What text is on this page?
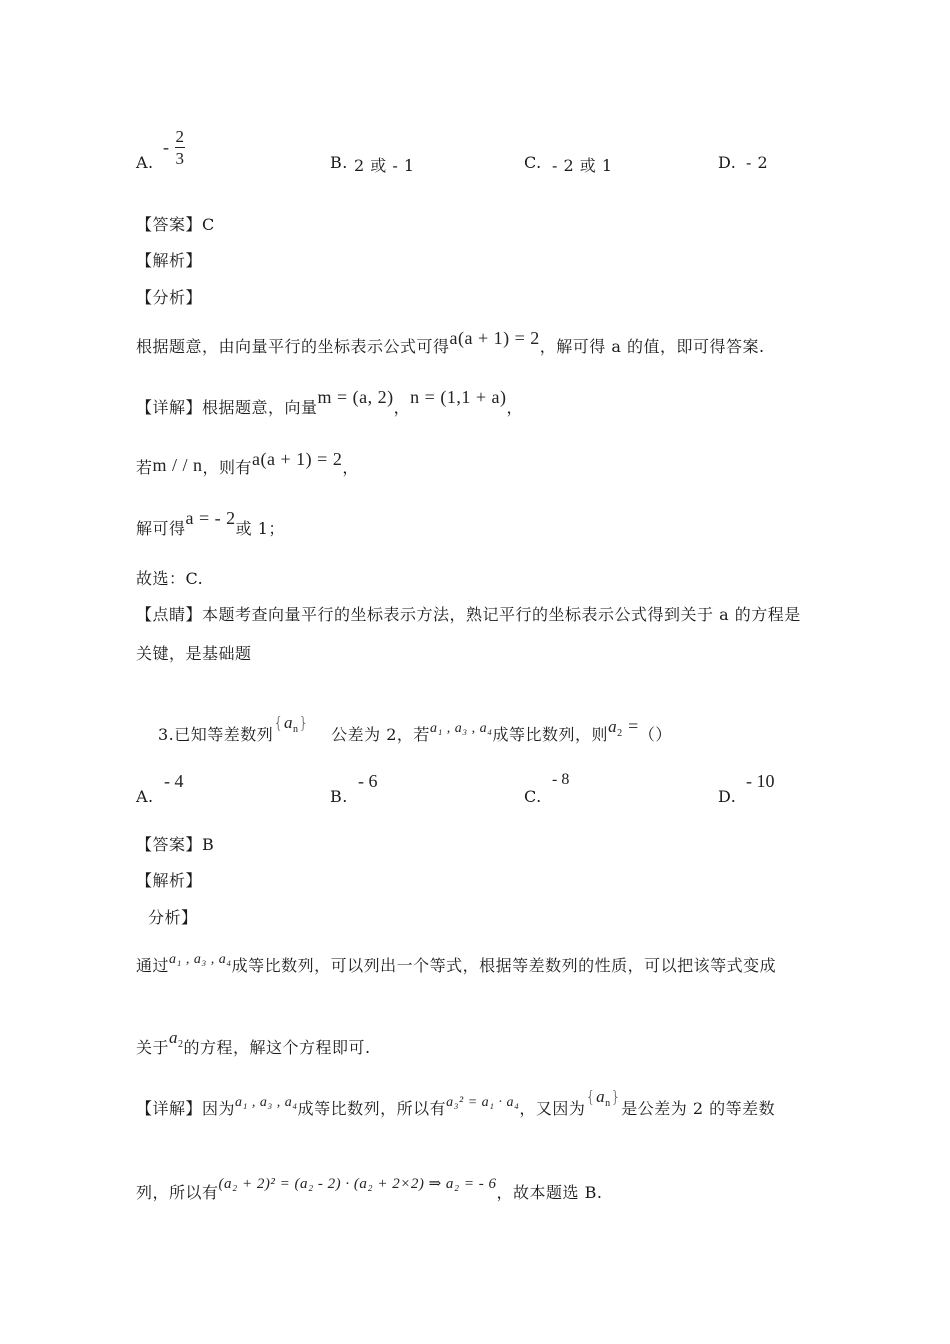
A.
- $\frac{2}{3}$	B. 2 或 - 1	C. - 2 或 1	D. - 2
【答案】C
【解析】
【分析】
根据题意，由向量平行的坐标表示公式可得a(a + 1) = 2，解可得 a 的值，即可得答案.
【详解】根据题意，向量m = (a, 2)，n = (1,1 + a)，
若m / / n，则有a(a + 1) = 2，
解可得a = - 2或 1；
故选：C.
【点睛】本题考查向量平行的坐标表示方法，熟记平行的坐标表示公式得到关于 a 的方程是
关键，是基础题
3.已知等差数列$\{a_n\}$公差为 2，若a₁ , a₃ , a₄成等比数列，则$a_2$ =（）
A.
- 4
B.
- 6
C.
- 8
D.
- 10
【答案】B
【解析】
分析】
通过a₁ , a₃ , a₄成等比数列，可以列出一个等式，根据等差数列的性质，可以把该等式变成
关于$a_2$的方程，解这个方程即可.
【详解】因为a₁ , a₃ , a₄成等比数列，所以有a₃² = a₁ · a₄，又因为$\{a_n\}$是公差为 2 的等差数
列，所以有(a₂ + 2)² = (a₂ - 2) · (a₂ + 2×2) ⇒ a₂ = - 6，故本题选 B.
